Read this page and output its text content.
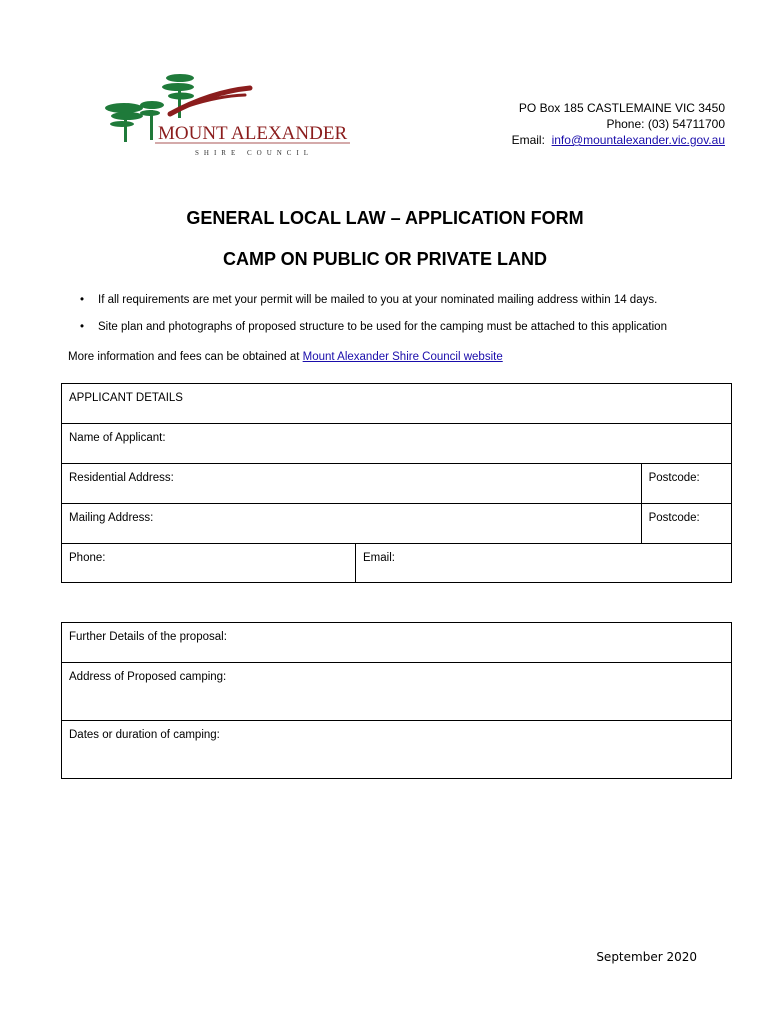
MOUNT ALEXANDER
SHIRE COUNCIL
PO Box 185 CASTLEMAINE VIC 3450
Phone: (03) 54711700
Email: info@mountalexander.vic.gov.au
GENERAL LOCAL LAW – APPLICATION FORM
CAMP ON PUBLIC OR PRIVATE LAND
• If all requirements are met your permit will be mailed to you at your nominated mailing address within 14 days.
• Site plan and photographs of proposed structure to be used for the camping must be attached to this application
More information and fees can be obtained at Mount Alexander Shire Council website
APPLICANT DETAILS		
Name of Applicant:		
Residential Address:		Postcode:
Mailing Address:		Postcode:
Phone:	Email:	
Further Details of the proposal:
Address of Proposed camping:
Dates or duration of camping:
September 2020
